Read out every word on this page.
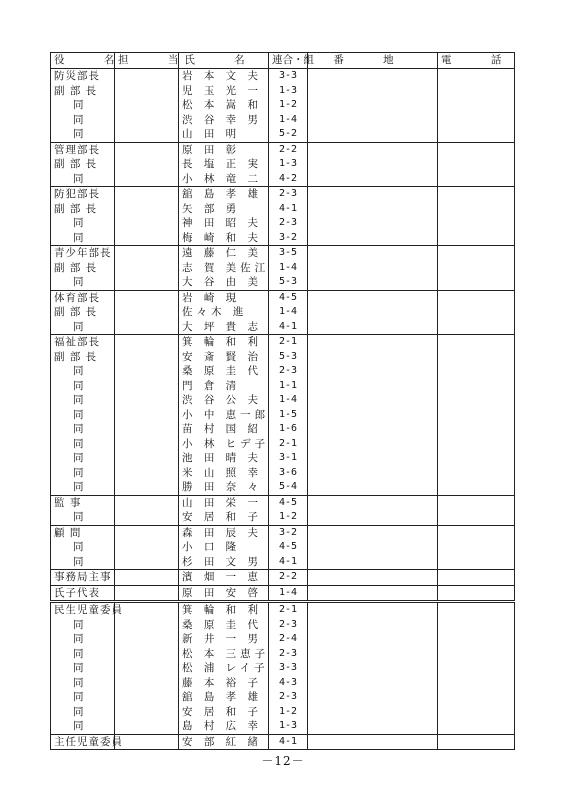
役 名	担 当	氏 名	連合・組	番 地	電 話
防災部長		岩 本 文 夫	3-3		
副 部 長		児 玉 光 一	1-3		
同		松 本 嵩 和	1-2		
同		渋 谷 幸 男	1-4		
同		山 田 明	5-2		
管理部長		原 田 彰	2-2		
副 部 長		長 塩 正 実	1-3		
同		小 林 竜 二	4-2		
防犯部長		舘 島 孝 雄	2-3		
副 部 長		矢 部 勇	4-1		
同		神 田 昭 夫	2-3		
同		梅 崎 和 夫	3-2		
青少年部長		遠 藤 仁 美	3-5		
副 部 長		志 賀 美佐江	1-4		
同		大 谷 由 美	5-3		
体育部長		岩 崎 現	4-5		
副 部 長		佐々木 進	1-4		
同		大 坪 貴 志	4-1		
福祉部長		箕 輪 和 利	2-1		
副 部 長		安 斎 賢 治	5-3		
同		桑 原 圭 代	2-3		
同		門 倉 清	1-1		
同		渋 谷 公 夫	1-4		
同		小 中 恵一郎	1-5		
同		苗 村 国 紹	1-6		
同		小 林 ヒデ子	2-1		
同		池 田 晴 夫	3-1		
同		米 山 照 幸	3-6		
同		勝 田 奈 々	5-4		
監 事		山 田 栄 一	4-5		
同		安 居 和 子	1-2		
顧 問		森 田 辰 夫	3-2		
同		小 口 隆	4-5		
同		杉 田 文 男	4-1		
事務局主事		濱 畑 一 恵	2-2		
氏子代表		原 田 安 啓	1-4		
民生児童委員		箕 輪 和 利	2-1		
同		桑 原 圭 代	2-3		
同		新 井 一 男	2-4		
同		松 本 三恵子	2-3		
同		松 浦 レイ子	3-3		
同		藤 本 裕 子	4-3		
同		舘 島 孝 雄	2-3		
同		安 居 和 子	1-2		
同		島 村 広 幸	1-3		
主任児童委員		安 部 紅 緒	4-1		
－12－
